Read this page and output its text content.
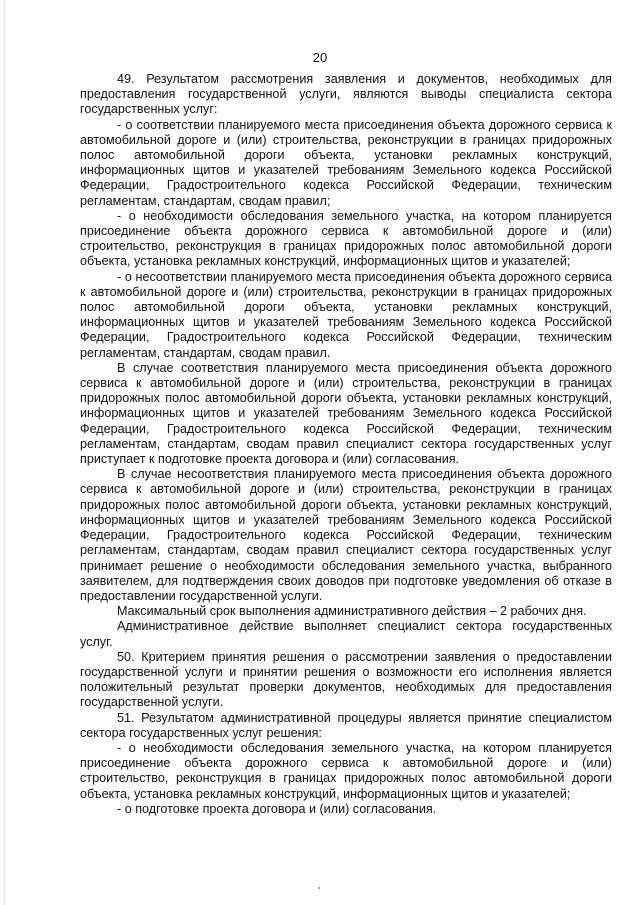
20

49. Результатом рассмотрения заявления и документов, необходимых для предоставления государственной услуги, являются выводы специалиста сектора государственных услуг:

- о соответствии планируемого места присоединения объекта дорожного сервиса к автомобильной дороге и (или) строительства, реконструкции в границах придорожных полос автомобильной дороги объекта, установки рекламных конструкций, информационных щитов и указателей требованиям Земельного кодекса Российской Федерации, Градостроительного кодекса Российской Федерации, техническим регламентам, стандартам, сводам правил;

- о необходимости обследования земельного участка, на котором планируется присоединение объекта дорожного сервиса к автомобильной дороге и (или) строительство, реконструкция в границах придорожных полос автомобильной дороги объекта, установка рекламных конструкций, информационных щитов и указателей;

- о несоответствии планируемого места присоединения объекта дорожного сервиса к автомобильной дороге и (или) строительства, реконструкции в границах придорожных полос автомобильной дороги объекта, установки рекламных конструкций, информационных щитов и указателей требованиям Земельного кодекса Российской Федерации, Градостроительного кодекса Российской Федерации, техническим регламентам, стандартам, сводам правил.

В случае соответствия планируемого места присоединения объекта дорожного сервиса к автомобильной дороге и (или) строительства, реконструкции в границах придорожных полос автомобильной дороги объекта, установки рекламных конструкций, информационных щитов и указателей требованиям Земельного кодекса Российской Федерации, Градостроительного кодекса Российской Федерации, техническим регламентам, стандартам, сводам правил специалист сектора государственных услуг приступает к подготовке проекта договора и (или) согласования.

В случае несоответствия планируемого места присоединения объекта дорожного сервиса к автомобильной дороге и (или) строительства, реконструкции в границах придорожных полос автомобильной дороги объекта, установки рекламных конструкций, информационных щитов и указателей требованиям Земельного кодекса Российской Федерации, Градостроительного кодекса Российской Федерации, техническим регламентам, стандартам, сводам правил специалист сектора государственных услуг принимает решение о необходимости обследования земельного участка, выбранного заявителем, для подтверждения своих доводов при подготовке уведомления об отказе в предоставлении государственной услуги.

Максимальный срок выполнения административного действия – 2 рабочих дня.

Административное действие выполняет специалист сектора государственных услуг.

50. Критерием принятия решения о рассмотрении заявления о предоставлении государственной услуги и принятии решения о возможности его исполнения является положительный результат проверки документов, необходимых для предоставления государственной услуги.

51. Результатом административной процедуры является принятие специалистом сектора государственных услуг решения:

- о необходимости обследования земельного участка, на котором планируется присоединение объекта дорожного сервиса к автомобильной дороге и (или) строительство, реконструкция в границах придорожных полос автомобильной дороги объекта, установка рекламных конструкций, информационных щитов и указателей;

- о подготовке проекта договора и (или) согласования.
